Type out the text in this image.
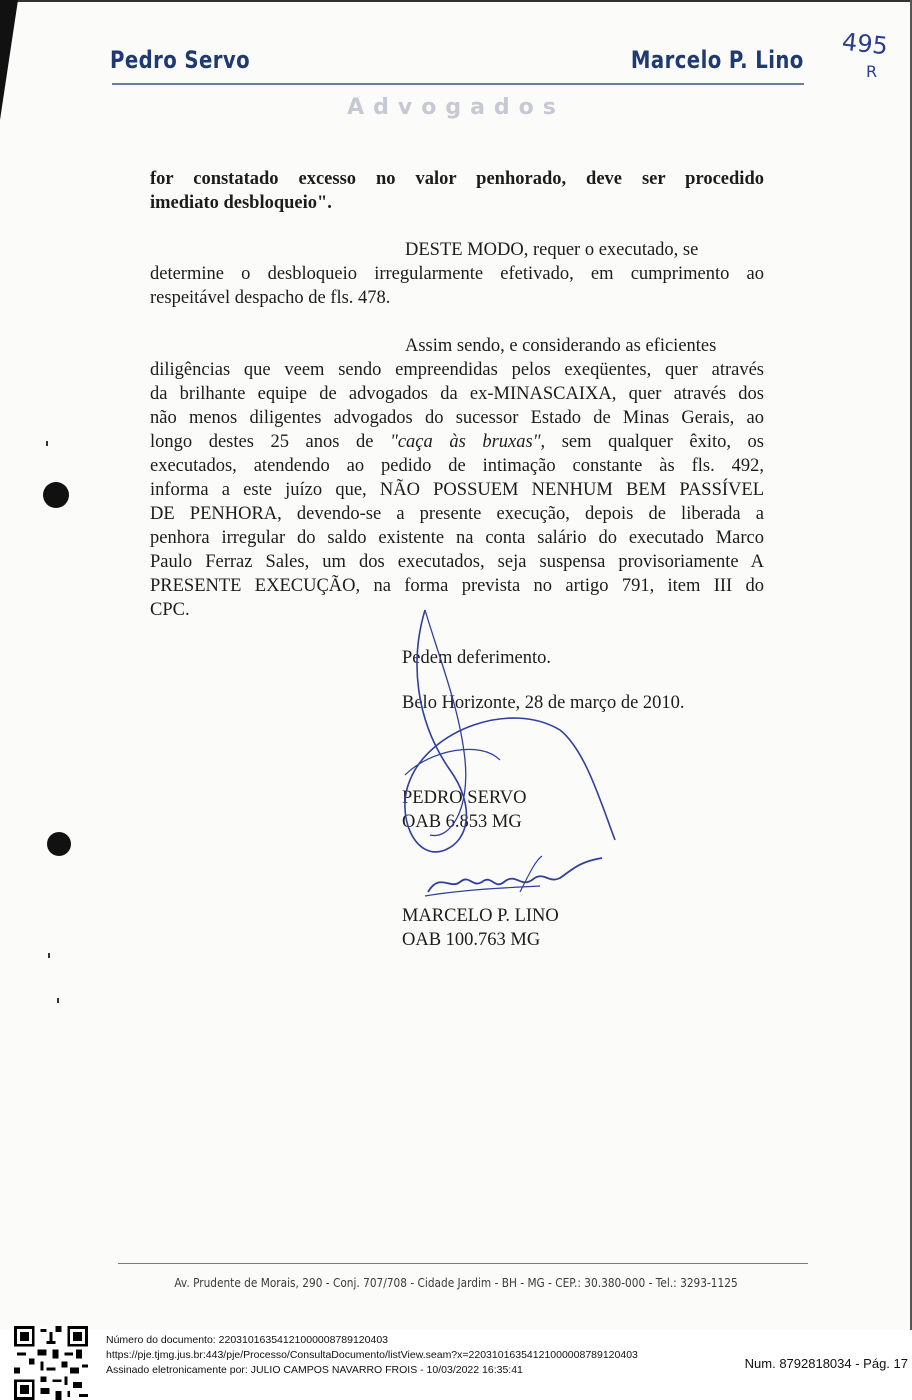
Pedro Servo	Marcelo P. Lino
Advogados
495
R
for constatado excesso no valor penhorado, deve ser procedido
imediato desbloqueio".
DESTE MODO, requer o executado, se
determine o desbloqueio irregularmente efetivado, em cumprimento ao
respeitável despacho de fls. 478.
Assim sendo, e considerando as eficientes
diligências que veem sendo empreendidas pelos exeqüentes, quer através
da brilhante equipe de advogados da ex-MINASCAIXA, quer através dos
não menos diligentes advogados do sucessor Estado de Minas Gerais, ao
longo destes 25 anos de "caça às bruxas", sem qualquer êxito, os
executados, atendendo ao pedido de intimação constante às fls. 492,
informa a este juízo que, NÃO POSSUEM NENHUM BEM PASSÍVEL
DE PENHORA, devendo-se a presente execução, depois de liberada a
penhora irregular do saldo existente na conta salário do executado Marco
Paulo Ferraz Sales, um dos executados, seja suspensa provisoriamente A
PRESENTE EXECUÇÃO, na forma prevista no artigo 791, item III do
CPC.
Pedem deferimento.
Belo Horizonte, 28 de março de 2010.
PEDRO SERVO
OAB 6.853 MG
MARCELO P. LINO
OAB 100.763 MG
Av. Prudente de Morais, 290 - Conj. 707/708 - Cidade Jardim - BH - MG - CEP.: 30.380-000 - Tel.: 3293-1125
Número do documento: 22031016354121000008789120403
https://pje.tjmg.jus.br:443/pje/Processo/ConsultaDocumento/listView.seam?x=22031016354121000008789120403
Assinado eletronicamente por: JULIO CAMPOS NAVARRO FROIS - 10/03/2022 16:35:41	Num. 8792818034 - Pág. 17
